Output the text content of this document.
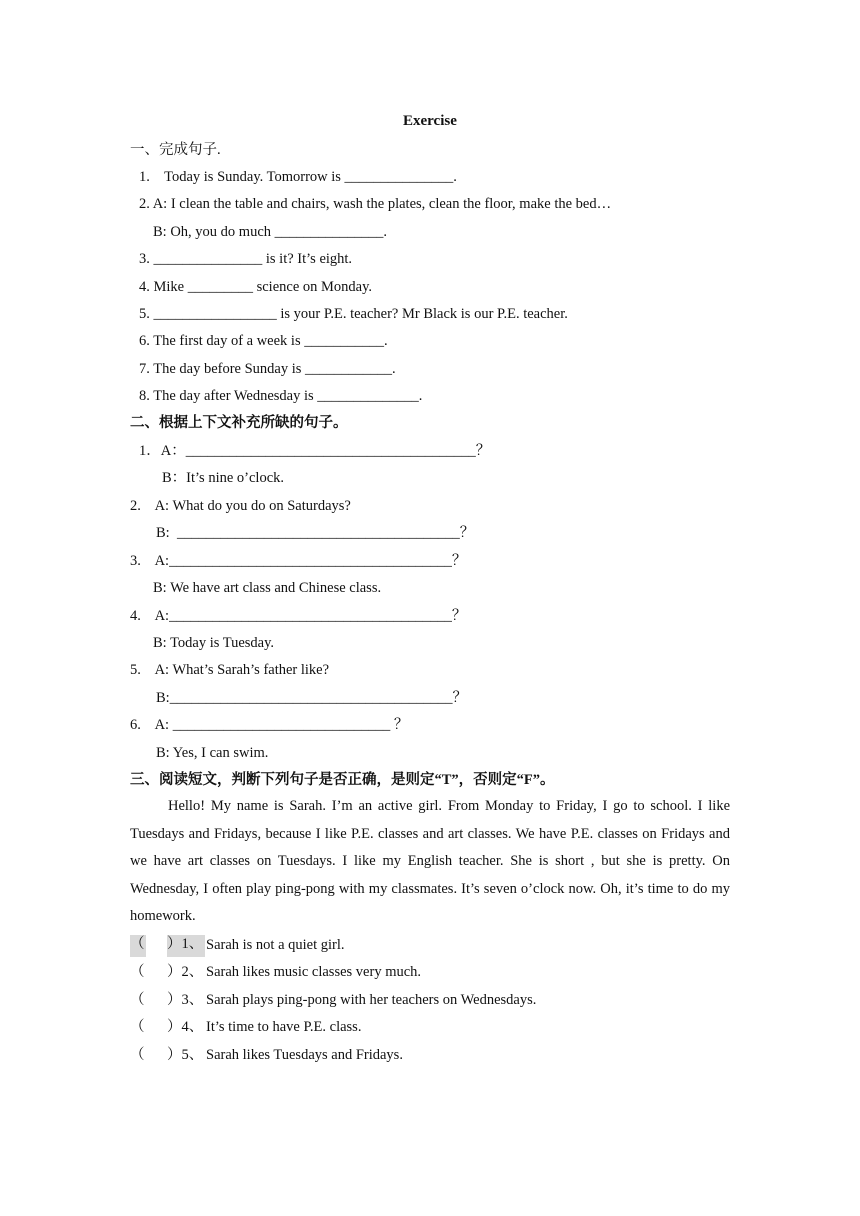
Exercise
一、完成句子.
1.    Today is Sunday. Tomorrow is _______________.
2. A: I clean the table and chairs, wash the plates, clean the floor, make the bed…
B: Oh, you do much _______________.
3. _______________ is it? It’s eight.
4. Mike _________ science on Monday.
5. _________________ is your P.E. teacher? Mr Black is our P.E. teacher.
6. The first day of a week is ___________.
7. The day before Sunday is ____________.
8. The day after Wednesday is ______________.
二、根据上下文补充所缺的句子。
1．A：________________________________________？
B：It’s nine o’clock.
2.    A: What do you do on Saturdays?
B:  _______________________________________？
3.    A:_______________________________________？
B: We have art class and Chinese class.
4.    A:_______________________________________？
B: Today is Tuesday.
5.    A: What’s Sarah’s father like?
B:_______________________________________？
6.    A: ______________________________ ？
B: Yes, I can swim.
三、阅读短文，判断下列句子是否正确，是则定“T”，否则定“F”。
Hello! My name is Sarah. I’m an active girl. From Monday to Friday, I go to school. I like Tuesdays and Fridays, because I like P.E. classes and art classes. We have P.E. classes on Fridays and we have art classes on Tuesdays. I like my English teacher. She is short , but she is pretty. On Wednesday, I often play ping-pong with my classmates. It’s seven o’clock now. Oh, it’s time to do my homework.
（ ）1、 Sarah is not a quiet girl.
（ ）2、 Sarah likes music classes very much.
（ ）3、 Sarah plays ping-pong with her teachers on Wednesdays.
（ ）4、 It’s time to have P.E. class.
（ ）5、 Sarah likes Tuesdays and Fridays.
